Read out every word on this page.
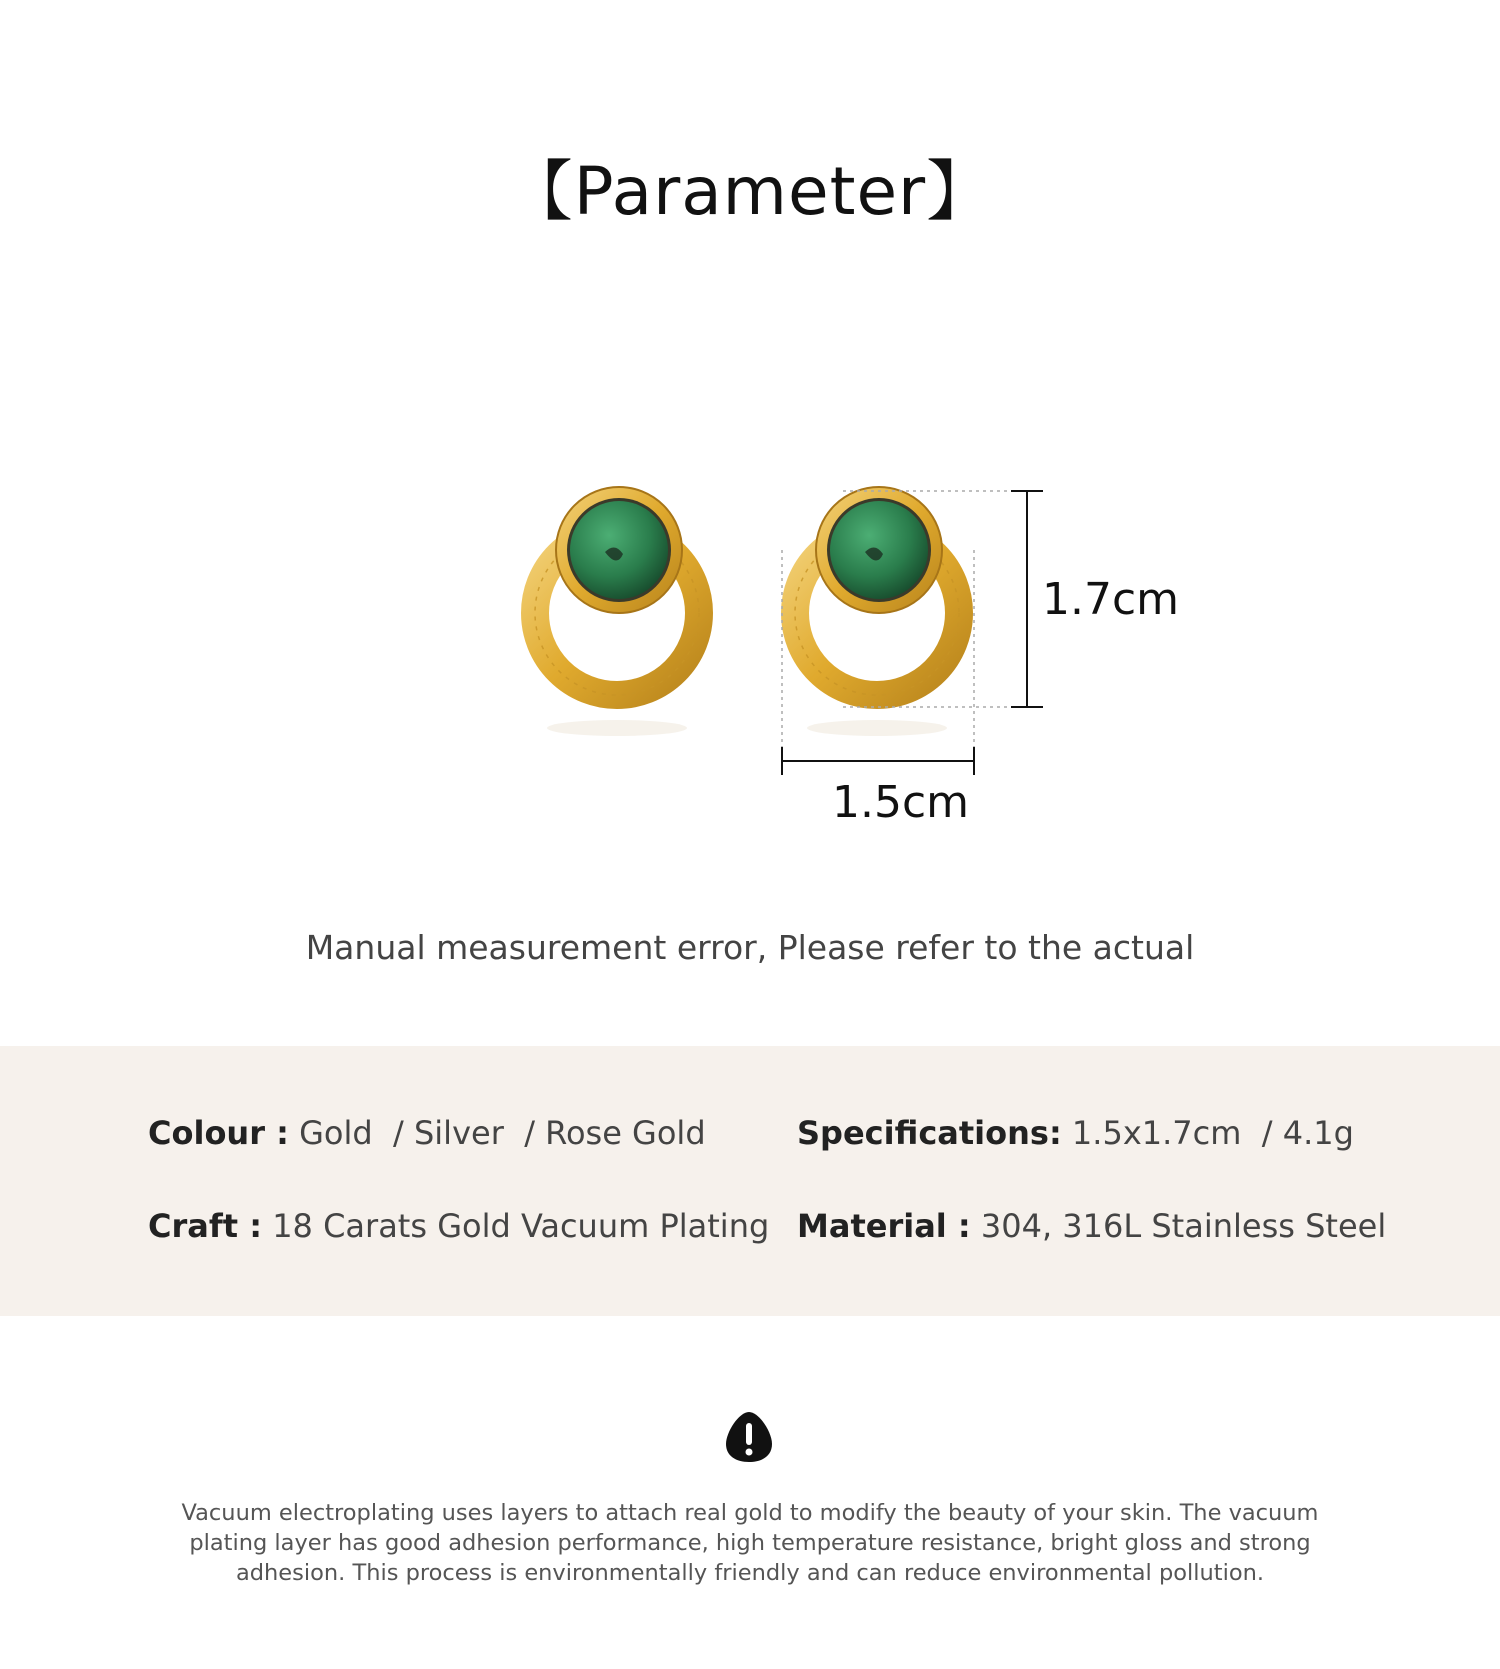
【Parameter】
1.7cm
1.5cm
Manual measurement error, Please refer to the actual
Colour : Gold  / Silver  / Rose Gold	Specifications: 1.5x1.7cm  / 4.1g
Craft : 18 Carats Gold Vacuum Plating Material : 304, 316L Stainless Steel
Vacuum electroplating uses layers to attach real gold to modify the beauty of your skin. The vacuum plating layer has good adhesion performance, high temperature resistance, bright gloss and strong adhesion. This process is environmentally friendly and can reduce environmental pollution.
